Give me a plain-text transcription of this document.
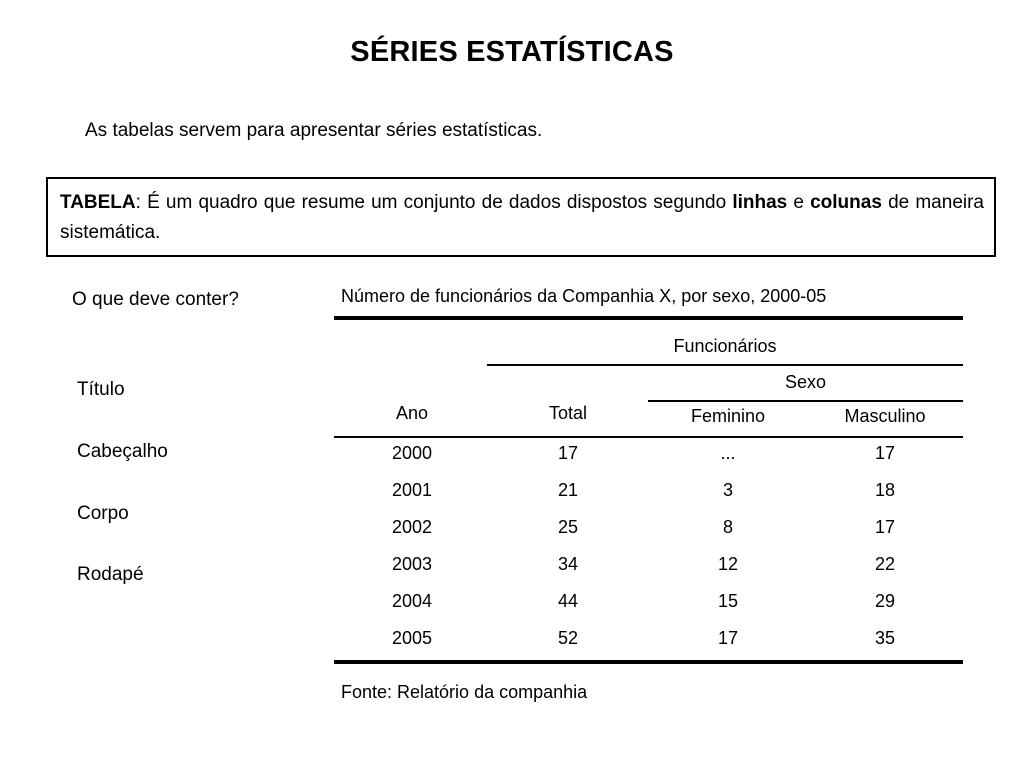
SÉRIES ESTATÍSTICAS
As tabelas servem para apresentar séries estatísticas.
TABELA: É um quadro que resume um conjunto de dados dispostos segundo linhas e colunas de maneira sistemática.
O que deve conter?
Título
Cabeçalho
Corpo
Rodapé
Número de funcionários da Companhia X, por sexo, 2000-05
Funcionários
Sexo
Ano	Total	Feminino	Masculino
2000	17	...	17
2001	21	3	18
2002	25	8	17
2003	34	12	22
2004	44	15	29
2005	52	17	35
Fonte: Relatório da companhia
